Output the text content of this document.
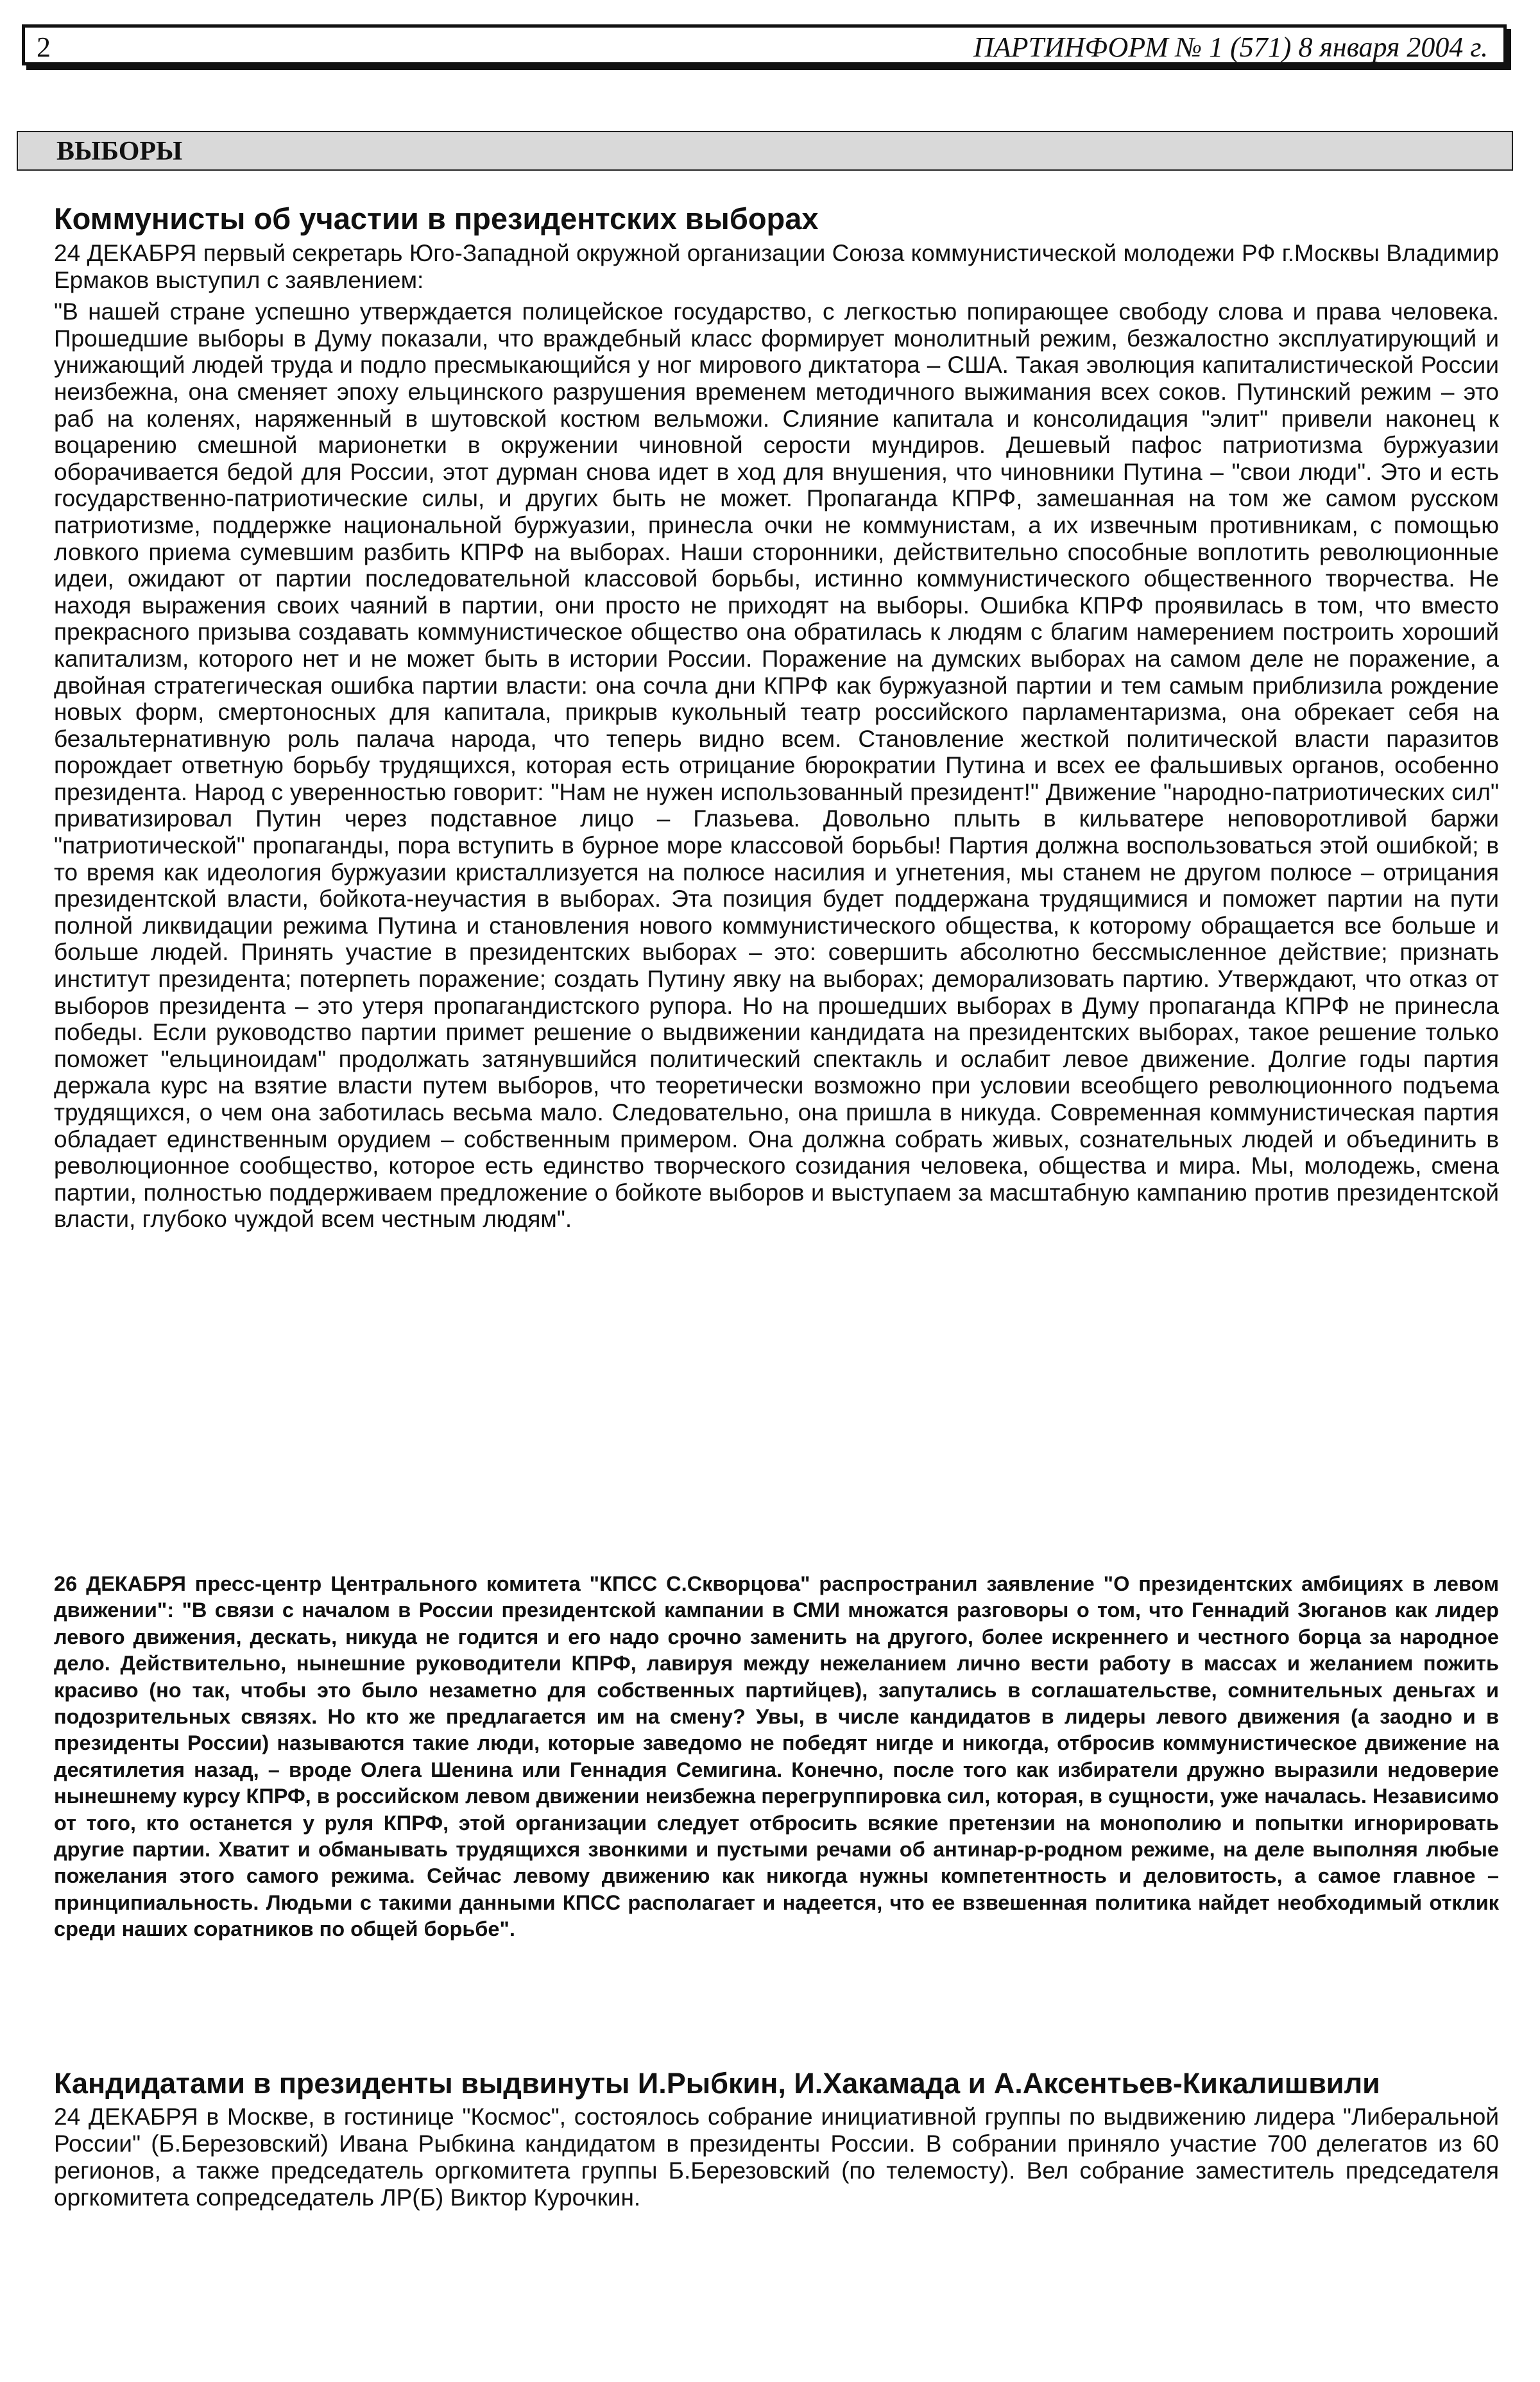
2	ПАРТИНФОРМ № 1 (571) 8 января 2004 г.
ВЫБОРЫ
Коммунисты об участии в президентских выборах

24 ДЕКАБРЯ первый секретарь Юго-Западной окружной организации Союза коммунистической молодежи РФ г.Москвы Владимир Ермаков выступил с заявлением:

"В нашей стране успешно утверждается полицейское государство, с легкостью попирающее свободу слова и права человека. Прошедшие выборы в Думу показали, что враждебный класс формирует монолитный режим, безжалостно эксплуатирующий и унижающий людей труда и подло пресмыкающийся у ног мирового диктатора – США. Такая эволюция капиталистической России неизбежна, она сменяет эпоху ельцинского разрушения временем методичного выжимания всех соков. Путинский режим – это раб на коленях, наряженный в шутовской костюм вельможи. Слияние капитала и консолидация "элит" привели наконец к воцарению смешной марионетки в окружении чиновной серости мундиров. Дешевый пафос патриотизма буржуазии оборачивается бедой для России, этот дурман снова идет в ход для внушения, что чиновники Путина – "свои люди". Это и есть государственно-патриотические силы, и других быть не может. Пропаганда КПРФ, замешанная на том же самом русском патриотизме, поддержке национальной буржуазии, принесла очки не коммунистам, а их извечным противникам, с помощью ловкого приема сумевшим разбить КПРФ на выборах. Наши сторонники, действительно способные воплотить революционные идеи, ожидают от партии последовательной классовой борьбы, истинно коммунистического общественного творчества. Не находя выражения своих чаяний в партии, они просто не приходят на выборы. Ошибка КПРФ проявилась в том, что вместо прекрасного призыва создавать коммунистическое общество она обратилась к людям с благим намерением построить хороший капитализм, которого нет и не может быть в истории России. Поражение на думских выборах на самом деле не поражение, а двойная стратегическая ошибка партии власти: она сочла дни КПРФ как буржуазной партии и тем самым приблизила рождение новых форм, смертоносных для капитала, прикрыв кукольный театр российского парламентаризма, она обрекает себя на безальтернативную роль палача народа, что теперь видно всем. Становление жесткой политической власти паразитов порождает ответную борьбу трудящихся, которая есть отрицание бюрократии Путина и всех ее фальшивых органов, особенно президента. Народ с уверенностью говорит: "Нам не нужен использованный президент!" Движение "народно-патриотических сил" приватизировал Путин через подставное лицо – Глазьева. Довольно плыть в кильватере неповоротливой баржи "патриотической" пропаганды, пора вступить в бурное море классовой борьбы! Партия должна воспользоваться этой ошибкой; в то время как идеология буржуазии кристаллизуется на полюсе насилия и угнетения, мы станем не другом полюсе – отрицания президентской власти, бойкота-неучастия в выборах. Эта позиция будет поддержана трудящимися и поможет партии на пути полной ликвидации режима Путина и становления нового коммунистического общества, к которому обращается все больше и больше людей. Принять участие в президентских выборах – это: совершить абсолютно бессмысленное действие; признать институт президента; потерпеть поражение; создать Путину явку на выборах; деморализовать партию. Утверждают, что отказ от выборов президента – это утеря пропагандистского рупора. Но на прошедших выборах в Думу пропаганда КПРФ не принесла победы. Если руководство партии примет решение о выдвижении кандидата на президентских выборах, такое решение только поможет "ельциноидам" продолжать затянувшийся политический спектакль и ослабит левое движение. Долгие годы партия держала курс на взятие власти путем выборов, что теоретически возможно при условии всеобщего революционного подъема трудящихся, о чем она заботилась весьма мало. Следовательно, она пришла в никуда. Современная коммунистическая партия обладает единственным орудием – собственным примером. Она должна собрать живых, сознательных людей и объединить в революционное сообщество, которое есть единство творческого созидания человека, общества и мира. Мы, молодежь, смена партии, полностью поддерживаем предложение о бойкоте выборов и выступаем за масштабную кампанию против президентской власти, глубоко чуждой всем честным людям".

26 ДЕКАБРЯ пресс-центр Центрального комитета "КПСС С.Скворцова" распространил заявление "О президентских амбициях в левом движении": "В связи с началом в России президентской кампании в СМИ множатся разговоры о том, что Геннадий Зюганов как лидер левого движения, дескать, никуда не годится и его надо срочно заменить на другого, более искреннего и честного борца за народное дело. Действительно, нынешние руководители КПРФ, лавируя между нежеланием лично вести работу в массах и желанием пожить красиво (но так, чтобы это было незаметно для собственных партийцев), запутались в соглашательстве, сомнительных деньгах и подозрительных связях. Но кто же предлагается им на смену? Увы, в числе кандидатов в лидеры левого движения (а заодно и в президенты России) называются такие люди, которые заведомо не победят нигде и никогда, отбросив коммунистическое движение на десятилетия назад, – вроде Олега Шенина или Геннадия Семигина. Конечно, после того как избиратели дружно выразили недоверие нынешнему курсу КПРФ, в российском левом движении неизбежна перегруппировка сил, которая, в сущности, уже началась. Независимо от того, кто останется у руля КПРФ, этой организации следует отбросить всякие претензии на монополию и попытки игнорировать другие партии. Хватит и обманывать трудящихся звонкими и пустыми речами об антинар-р-родном режиме, на деле выполняя любые пожелания этого самого режима. Сейчас левому движению как никогда нужны компетентность и деловитость, а самое главное – принципиальность. Людьми с такими данными КПСС располагает и надеется, что ее взвешенная политика найдет необходимый отклик среди наших соратников по общей борьбе".
Кандидатами в президенты выдвинуты И.Рыбкин, И.Хакамада и А.Аксентьев-Кикалишвили

24 ДЕКАБРЯ в Москве, в гостинице "Космос", состоялось собрание инициативной группы по выдвижению лидера "Либеральной России" (Б.Березовский) Ивана Рыбкина кандидатом в президенты России. В собрании приняло участие 700 делегатов из 60 регионов, а также председатель оргкомитета группы Б.Березовский (по телемосту). Вел собрание заместитель председателя оргкомитета сопредседатель ЛР(Б) Виктор Курочкин.
